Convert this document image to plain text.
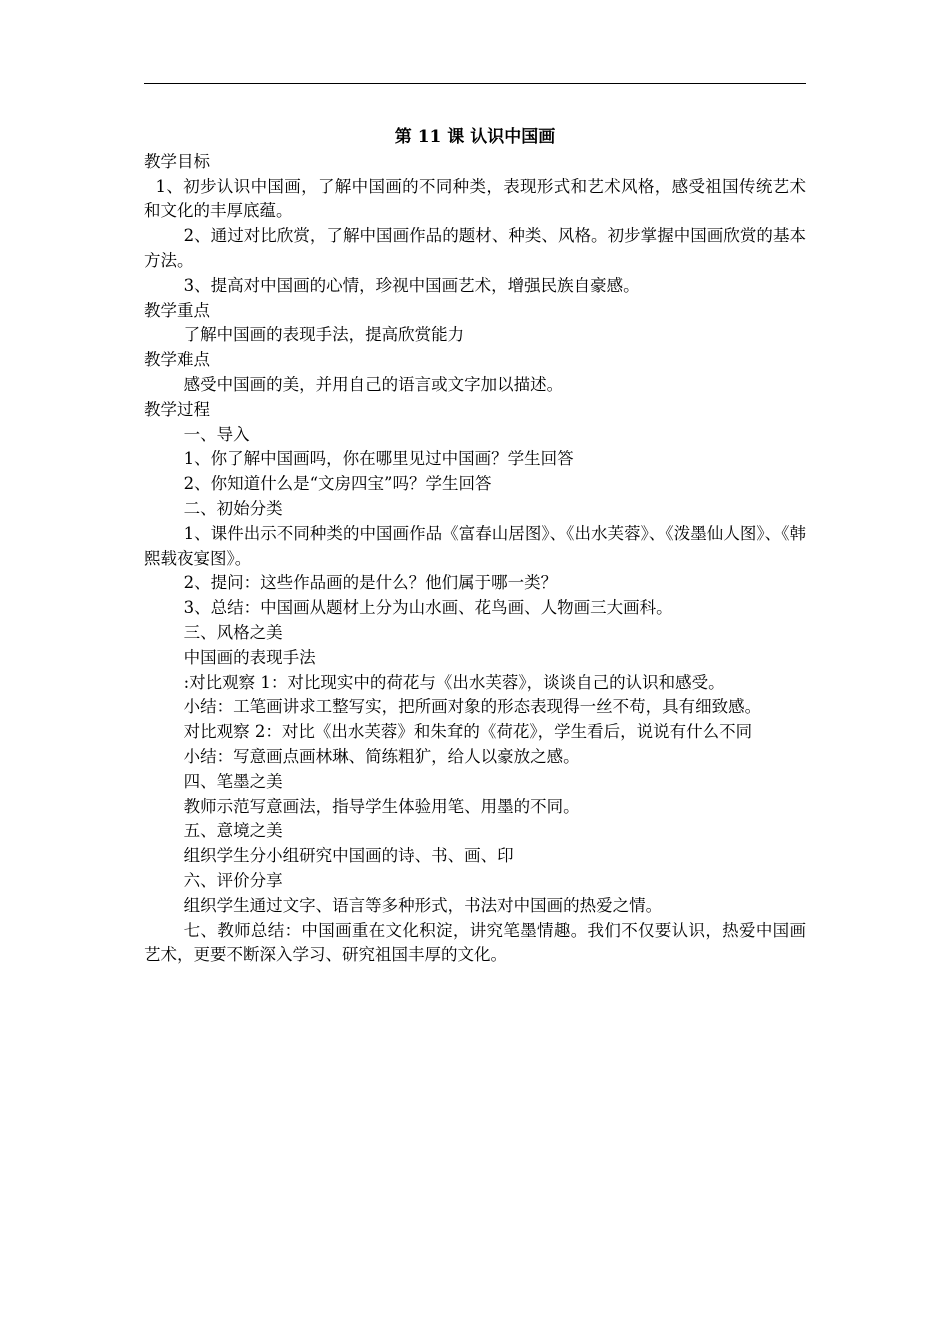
第 11 课 认识中国画

教学目标

1、初步认识中国画，了解中国画的不同种类，表现形式和艺术风格，感受祖国传统艺术和文化的丰厚底蕴。

2、通过对比欣赏，了解中国画作品的题材、种类、风格。初步掌握中国画欣赏的基本方法。

3、提高对中国画的心情，珍视中国画艺术，增强民族自豪感。

教学重点

了解中国画的表现手法，提高欣赏能力

教学难点

感受中国画的美，并用自己的语言或文字加以描述。

教学过程

一、导入

1、你了解中国画吗，你在哪里见过中国画？学生回答

2、你知道什么是“文房四宝”吗？学生回答

二、初始分类

1、课件出示不同种类的中国画作品《富春山居图》、《出水芙蓉》、《泼墨仙人图》、《韩熙载夜宴图》。

2、提问：这些作品画的是什么？他们属于哪一类？

3、总结：中国画从题材上分为山水画、花鸟画、人物画三大画科。

三、风格之美

中国画的表现手法

:对比观察 1：对比现实中的荷花与《出水芙蓉》，谈谈自己的认识和感受。

小结：工笔画讲求工整写实，把所画对象的形态表现得一丝不苟，具有细致感。

对比观察 2：对比《出水芙蓉》和朱耷的《荷花》，学生看后，说说有什么不同

小结：写意画点画林琳、简练粗犷，给人以豪放之感。

四、笔墨之美

教师示范写意画法，指导学生体验用笔、用墨的不同。

五、意境之美

组织学生分小组研究中国画的诗、书、画、印

六、评价分享

组织学生通过文字、语言等多种形式，书法对中国画的热爱之情。

七、教师总结：中国画重在文化积淀，讲究笔墨情趣。我们不仅要认识，热爱中国画艺术，更要不断深入学习、研究祖国丰厚的文化。
